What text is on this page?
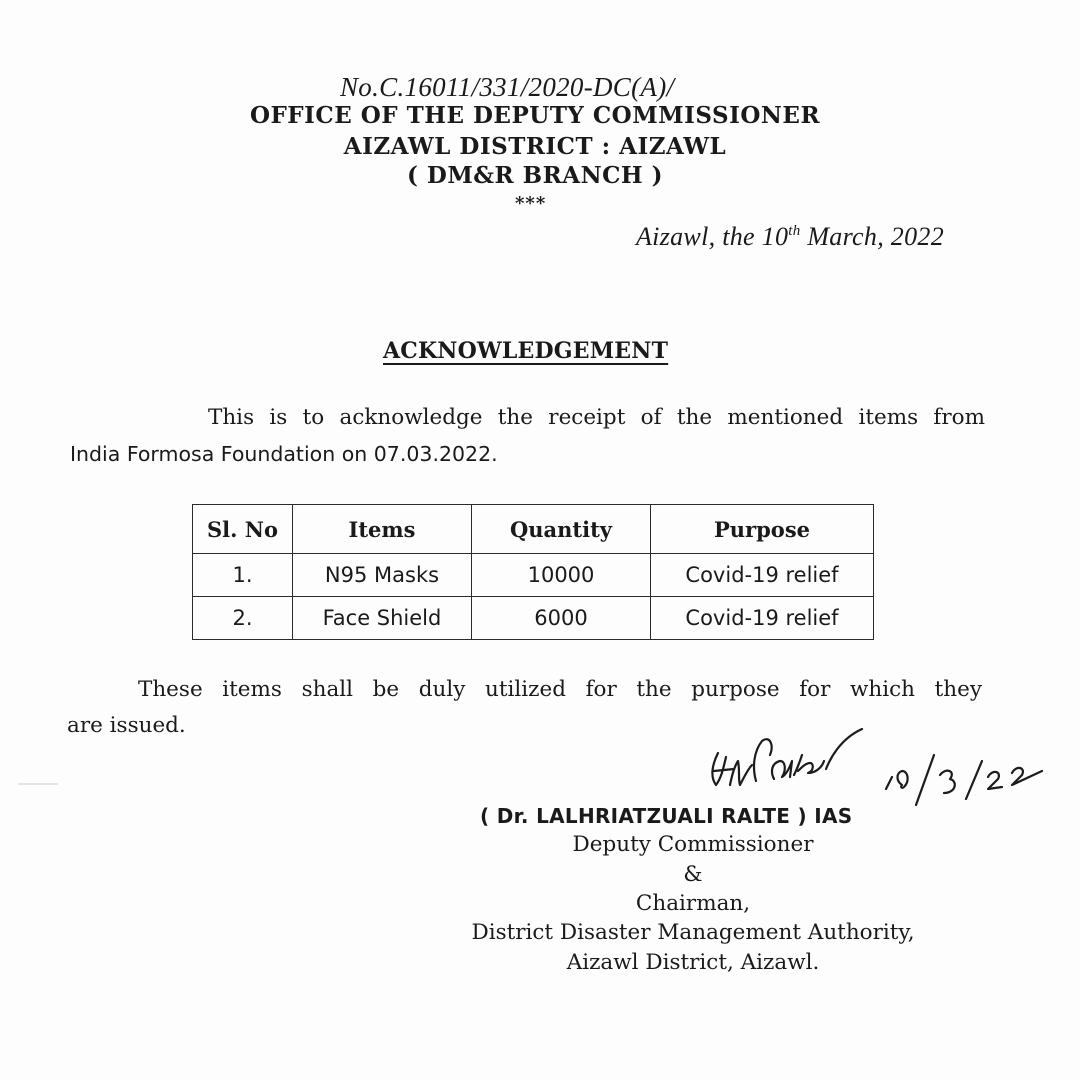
No.C.16011/331/2020-DC(A)/
OFFICE OF THE DEPUTY COMMISSIONER
AIZAWL DISTRICT : AIZAWL
( DM&R BRANCH )
***
Aizawl, the 10th March, 2022
ACKNOWLEDGEMENT
This is to acknowledge the receipt of the mentioned items from
India Formosa Foundation on 07.03.2022.
Sl. No	Items	Quantity	Purpose
1.	N95 Masks	10000	Covid-19 relief
2.	Face Shield	6000	Covid-19 relief
These items shall be duly utilized for the purpose for which they
are issued.
( Dr. LALHRIATZUALI RALTE ) IAS
Deputy Commissioner
&
Chairman,
District Disaster Management Authority,
Aizawl District, Aizawl.
